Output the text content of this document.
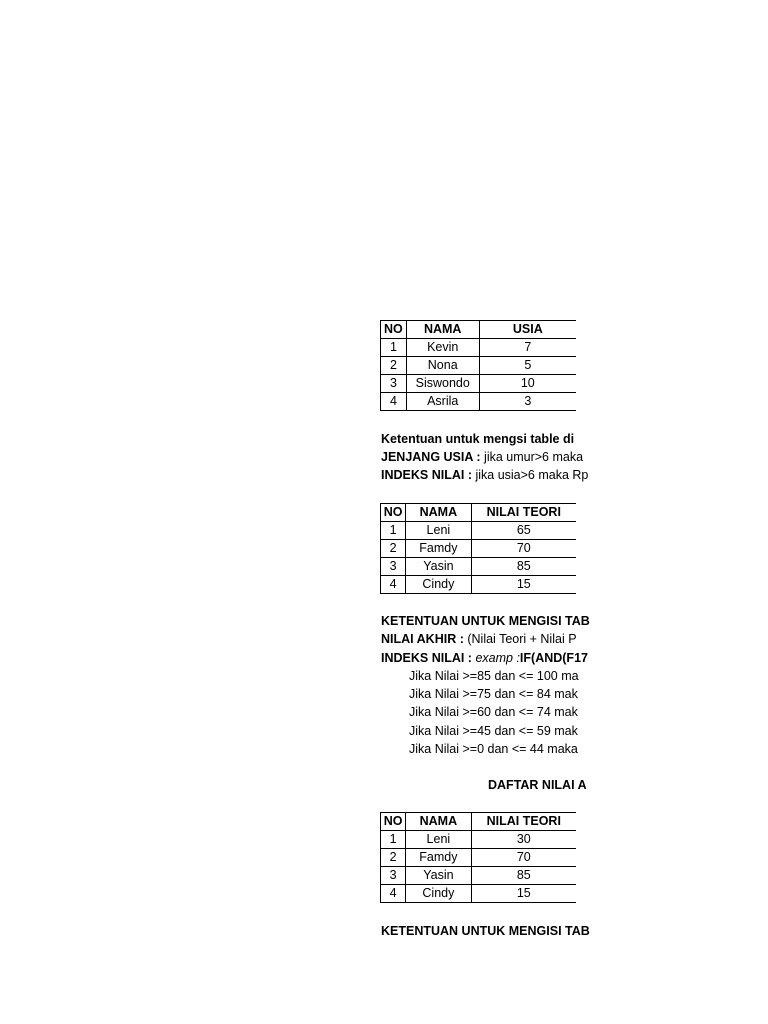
NO	NAMA	USIA
1	Kevin	7
2	Nona	5
3	Siswondo	10
4	Asrila	3
Ketentuan untuk mengsi table di
JENJANG USIA : jika umur>6 maka
INDEKS NILAI : jika usia>6 maka Rp
NO	NAMA	NILAI TEORI
1	Leni	65
2	Famdy	70
3	Yasin	85
4	Cindy	15
KETENTUAN UNTUK MENGISI TAB
NILAI AKHIR : (Nilai Teori + Nilai P
INDEKS NILAI : examp :IF(AND(F17
Jika Nilai >=85 dan <= 100 ma
Jika Nilai >=75 dan <= 84 mak
Jika Nilai >=60 dan <= 74 mak
Jika Nilai >=45 dan <= 59 mak
Jika Nilai >=0 dan <= 44 maka
DAFTAR NILAI A
NO	NAMA	NILAI TEORI
1	Leni	30
2	Famdy	70
3	Yasin	85
4	Cindy	15
KETENTUAN UNTUK MENGISI TAB
